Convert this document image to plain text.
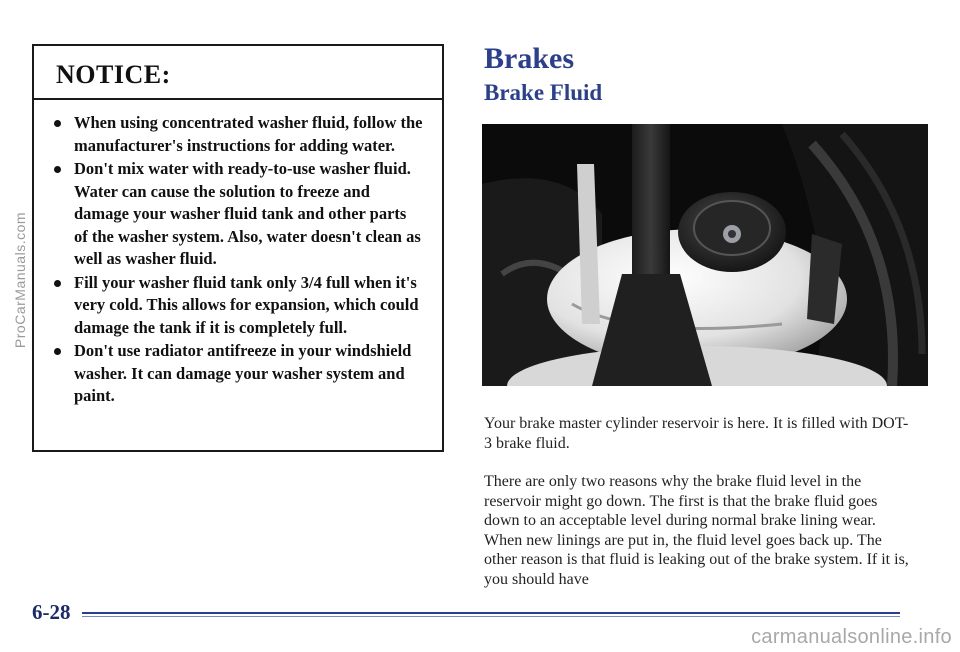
ProCarManuals.com
NOTICE:
When using concentrated washer fluid, follow the manufacturer's instructions for adding water.
Don't mix water with ready-to-use washer fluid. Water can cause the solution to freeze and damage your washer fluid tank and other parts of the washer system. Also, water doesn't clean as well as washer fluid.
Fill your washer fluid tank only 3/4 full when it's very cold. This allows for expansion, which could damage the tank if it is completely full.
Don't use radiator antifreeze in your windshield washer. It can damage your washer system and paint.
Brakes
Brake Fluid

Your brake master cylinder reservoir is here. It is filled with DOT-3 brake fluid.

There are only two reasons why the brake fluid level in the reservoir might go down. The first is that the brake fluid goes down to an acceptable level during normal brake lining wear. When new linings are put in, the fluid level goes back up. The other reason is that fluid is leaking out of the brake system. If it is, you should have

6-28
carmanualsonline.info
